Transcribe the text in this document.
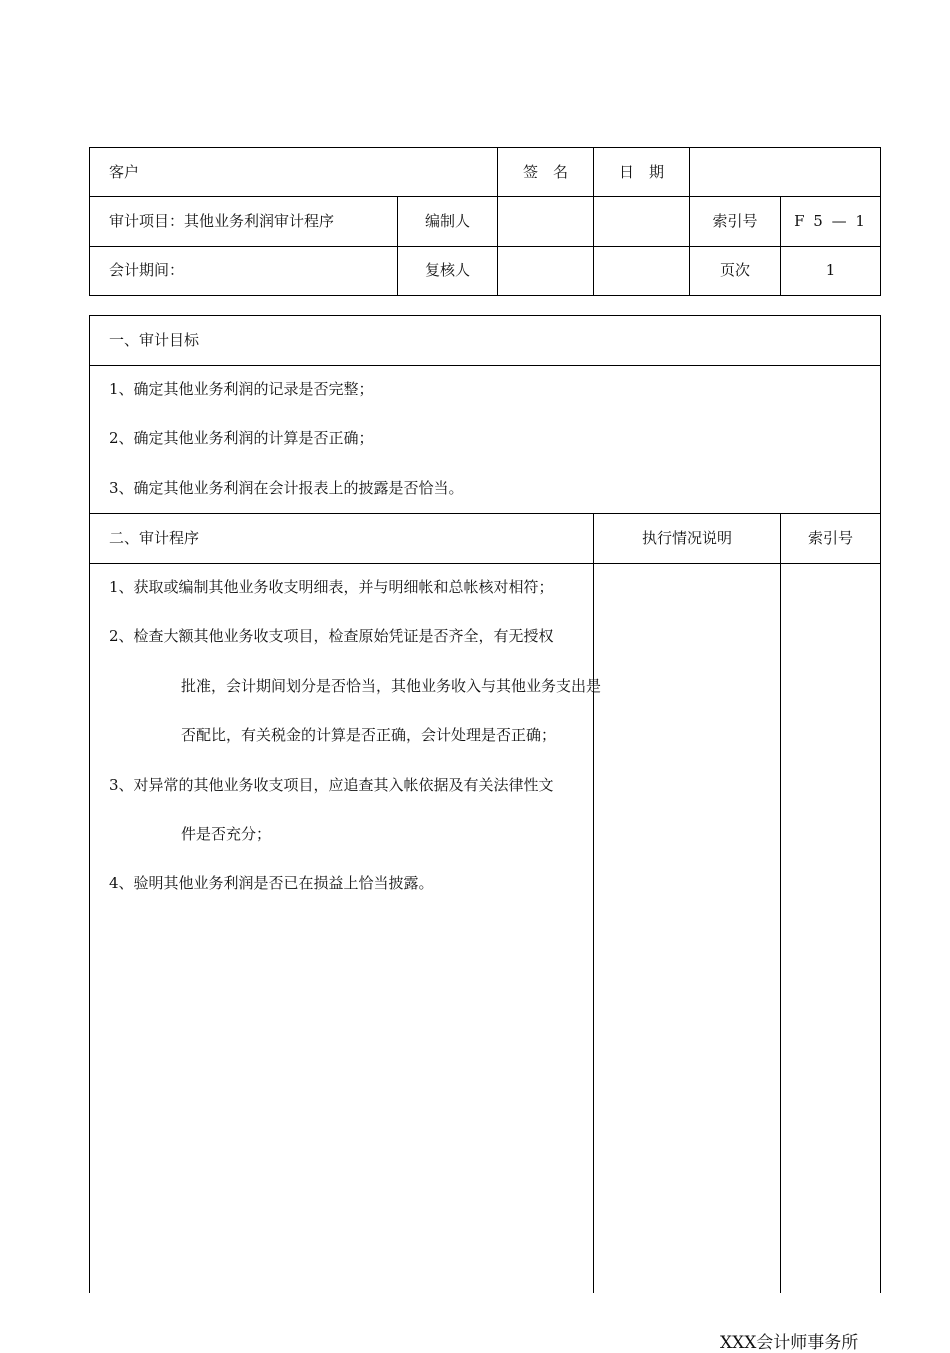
客户	签　名	日　期
审计项目：其他业务利润审计程序	编制人	索引号	F 5 — 1
会计期间：	复核人	页次	1
一、审计目标
1、确定其他业务利润的记录是否完整；
2、确定其他业务利润的计算是否正确；
3、确定其他业务利润在会计报表上的披露是否恰当。
二、审计程序	执行情况说明	索引号
1、获取或编制其他业务收支明细表，并与明细帐和总帐核对相符；
2、检查大额其他业务收支项目，检查原始凭证是否齐全，有无授权
批准，会计期间划分是否恰当，其他业务收入与其他业务支出是
否配比，有关税金的计算是否正确，会计处理是否正确；
3、对异常的其他业务收支项目，应追查其入帐依据及有关法律性文
件是否充分；
4、验明其他业务利润是否已在损益上恰当披露。
XXX会计师事务所
